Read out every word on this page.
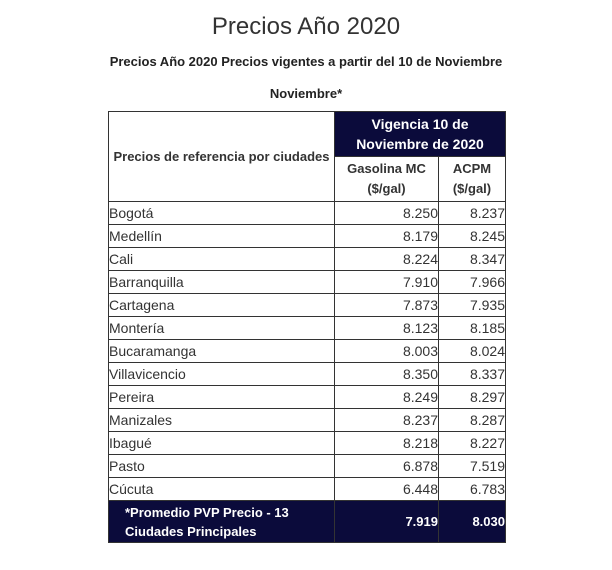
Precios Año 2020
Precios Año 2020 Precios vigentes a partir del 10 de Noviembre
Noviembre*
Precios de referencia por ciudades	Vigencia 10 de Noviembre de 2020	
	Gasolina MC ($/gal)	ACPM ($/gal)
Bogotá	8.250	8.237
Medellín	8.179	8.245
Cali	8.224	8.347
Barranquilla	7.910	7.966
Cartagena	7.873	7.935
Montería	8.123	8.185
Bucaramanga	8.003	8.024
Villavicencio	8.350	8.337
Pereira	8.249	8.297
Manizales	8.237	8.287
Ibagué	8.218	8.227
Pasto	6.878	7.519
Cúcuta	6.448	6.783

*Promedio PVP Precio - 13 Ciudades Principales	7.919	8.030
